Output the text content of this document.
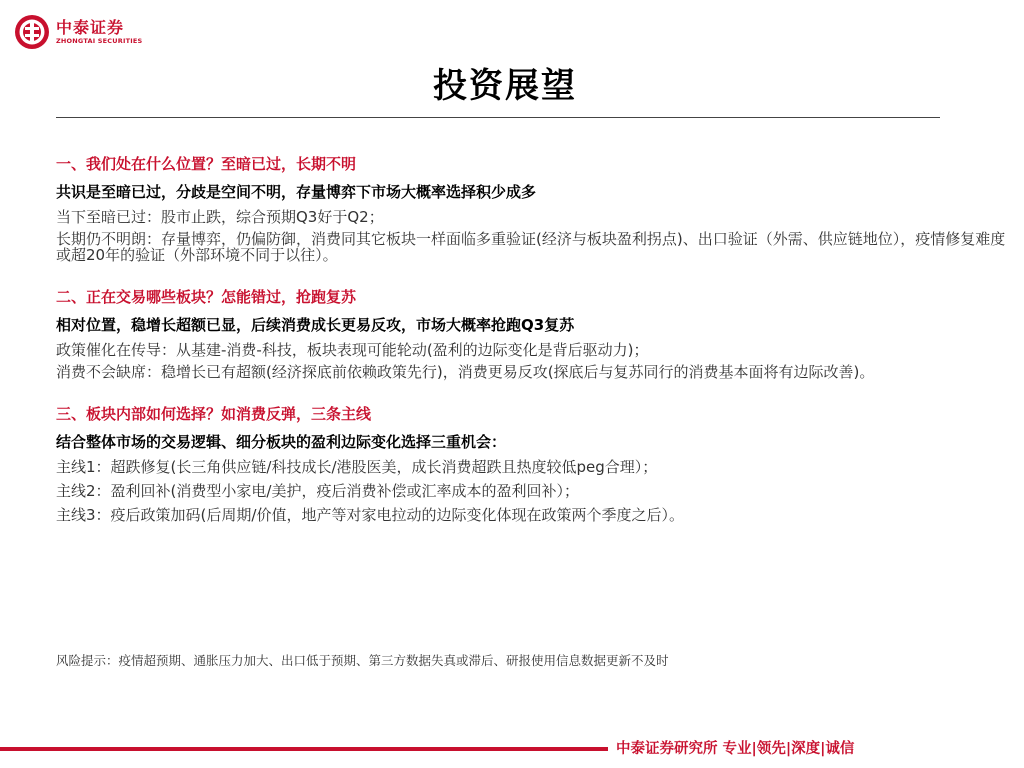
中泰证券
ZHONGTAI SECURITIES
投资展望
一、我们处在什么位置？至暗已过，长期不明
共识是至暗已过，分歧是空间不明，存量博弈下市场大概率选择积少成多
当下至暗已过：股市止跌，综合预期Q3好于Q2；
长期仍不明朗：存量博弈，仍偏防御，消费同其它板块一样面临多重验证(经济与板块盈利拐点)、出口验证（外需、供应链地位），疫情修复难度或超20年的验证（外部环境不同于以往）。
二、正在交易哪些板块？怎能错过，抢跑复苏
相对位置，稳增长超额已显，后续消费成长更易反攻，市场大概率抢跑Q3复苏
政策催化在传导：从基建-消费-科技，板块表现可能轮动(盈利的边际变化是背后驱动力)；
消费不会缺席：稳增长已有超额(经济探底前依赖政策先行)，消费更易反攻(探底后与复苏同行的消费基本面将有边际改善)。
三、板块内部如何选择？如消费反弹，三条主线
结合整体市场的交易逻辑、细分板块的盈利边际变化选择三重机会：
主线1：超跌修复(长三角供应链/科技成长/港股医美，成长消费超跌且热度较低peg合理）；
主线2：盈利回补(消费型小家电/美护，疫后消费补偿或汇率成本的盈利回补）；
主线3：疫后政策加码(后周期/价值，地产等对家电拉动的边际变化体现在政策两个季度之后）。
风险提示：疫情超预期、通胀压力加大、出口低于预期、第三方数据失真或滞后、研报使用信息数据更新不及时
中泰证券研究所 专业|领先|深度|诚信
